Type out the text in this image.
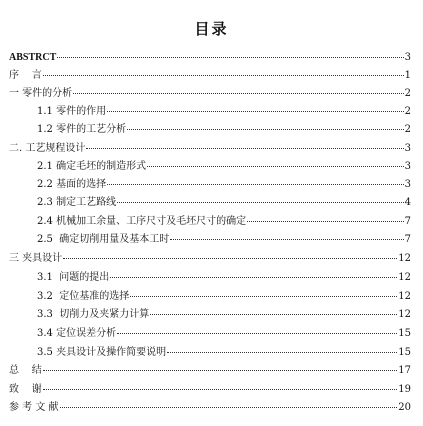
目录
ABSTRCT	3
序    言	1
一 零件的分析	2
1.1 零件的作用	2
1.2 零件的工艺分析	2
二. 工艺规程设计	3
2.1 确定毛坯的制造形式	3
2.2 基面的选择	3
2.3 制定工艺路线	4
2.4 机械加工余量、工序尺寸及毛坯尺寸的确定	7
2.5  确定切削用量及基本工时	7
三 夹具设计	12
3.1  问题的提出	12
3.2  定位基准的选择	12
3.3  切削力及夹紧力计算	12
3.4 定位误差分析	15
3.5 夹具设计及操作简要说明	15
总    结	17
致    谢	19
参 考 文 献	20
